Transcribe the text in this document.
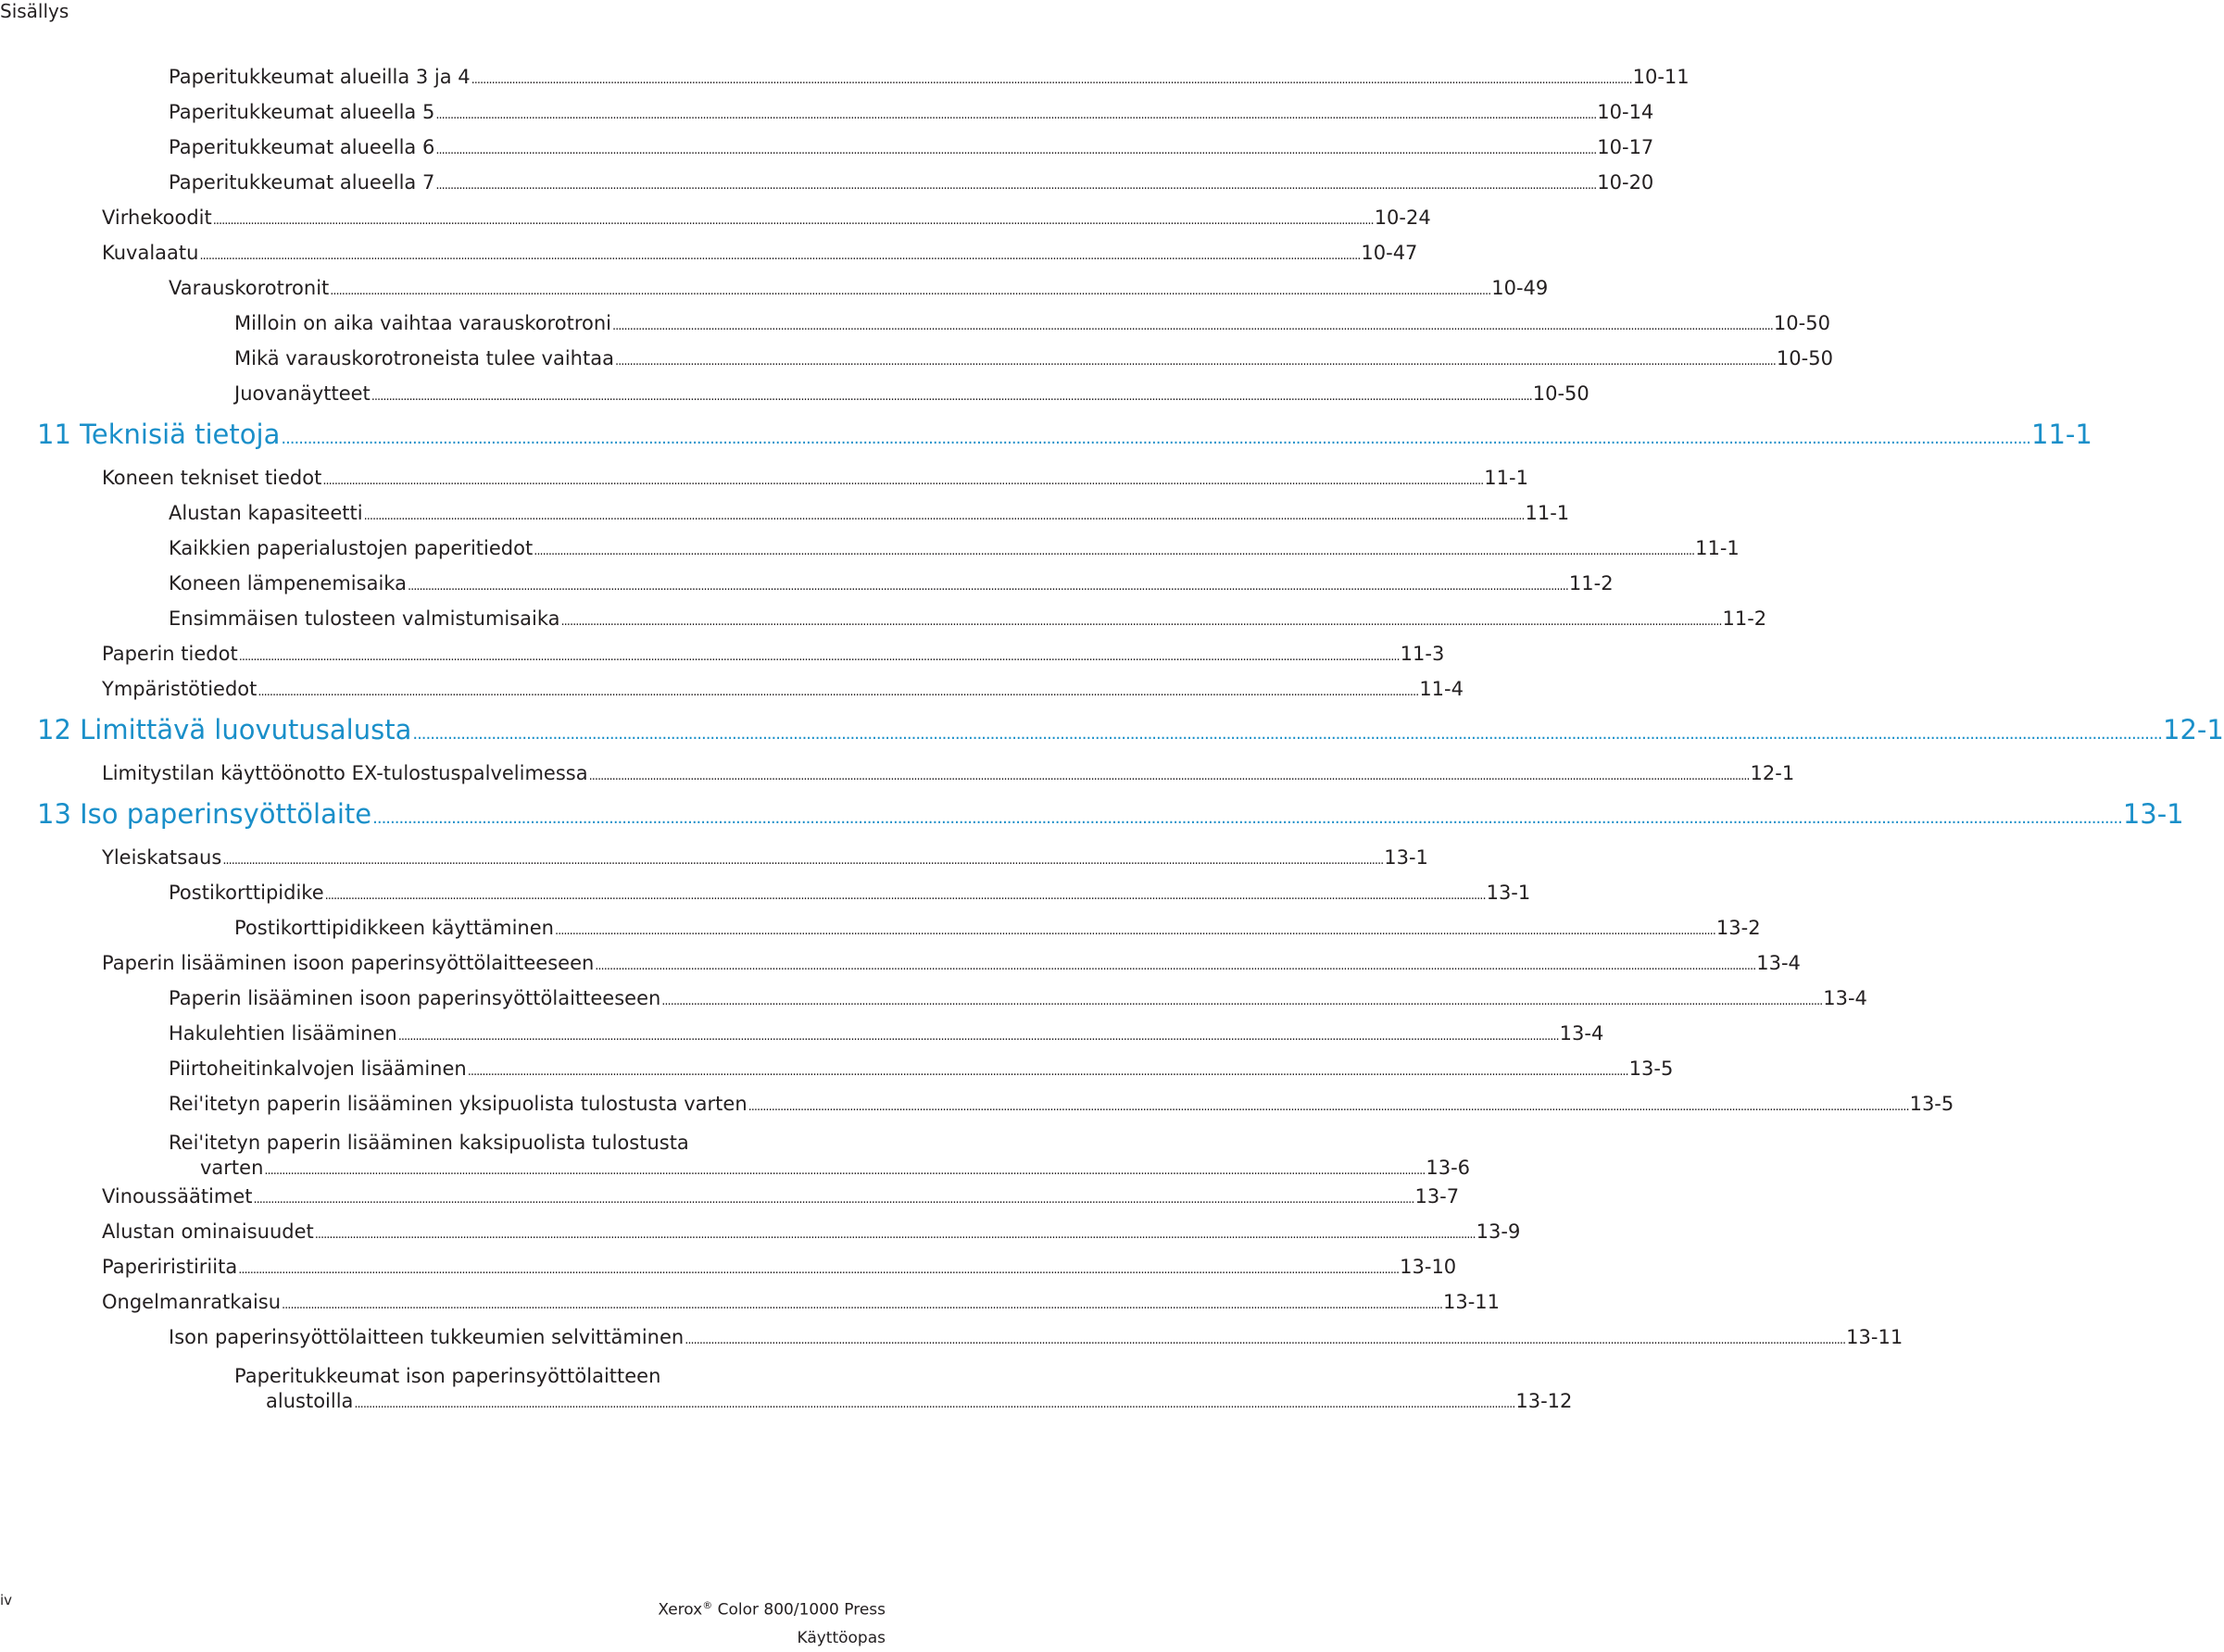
Sisällys
Paperitukkeumat alueilla 3 ja 4 ................................................................................................................................................................................................................................................................................................................................................................................................................ 10-11
Paperitukkeumat alueella 5 ................................................................................................................................................................................................................................................................................................................................................................................................................ 10-14
Paperitukkeumat alueella 6 ................................................................................................................................................................................................................................................................................................................................................................................................................ 10-17
Paperitukkeumat alueella 7 ................................................................................................................................................................................................................................................................................................................................................................................................................ 10-20
Virhekoodit ................................................................................................................................................................................................................................................................................................................................................................................................................ 10-24
Kuvalaatu ................................................................................................................................................................................................................................................................................................................................................................................................................ 10-47
Varauskorotronit ................................................................................................................................................................................................................................................................................................................................................................................................................ 10-49
Milloin on aika vaihtaa varauskorotroni ................................................................................................................................................................................................................................................................................................................................................................................................................ 10-50
Mikä varauskorotroneista tulee vaihtaa ................................................................................................................................................................................................................................................................................................................................................................................................................ 10-50
Juovanäytteet ................................................................................................................................................................................................................................................................................................................................................................................................................ 10-50
11 Teknisiä tietoja ................................................................................................................................................................................................................................................................................................................................................................................................................ 11-1
Koneen tekniset tiedot ................................................................................................................................................................................................................................................................................................................................................................................................................ 11-1
Alustan kapasiteetti ................................................................................................................................................................................................................................................................................................................................................................................................................ 11-1
Kaikkien paperialustojen paperitiedot ................................................................................................................................................................................................................................................................................................................................................................................................................ 11-1
Koneen lämpenemisaika ................................................................................................................................................................................................................................................................................................................................................................................................................ 11-2
Ensimmäisen tulosteen valmistumisaika ................................................................................................................................................................................................................................................................................................................................................................................................................ 11-2
Paperin tiedot ................................................................................................................................................................................................................................................................................................................................................................................................................ 11-3
Ympäristötiedot ................................................................................................................................................................................................................................................................................................................................................................................................................ 11-4
12 Limittävä luovutusalusta ................................................................................................................................................................................................................................................................................................................................................................................................................ 12-1
Limitystilan käyttöönotto EX-tulostuspalvelimessa ................................................................................................................................................................................................................................................................................................................................................................................................................ 12-1
13 Iso paperinsyöttölaite ................................................................................................................................................................................................................................................................................................................................................................................................................ 13-1
Yleiskatsaus ................................................................................................................................................................................................................................................................................................................................................................................................................ 13-1
Postikorttipidike ................................................................................................................................................................................................................................................................................................................................................................................................................ 13-1
Postikorttipidikkeen käyttäminen ................................................................................................................................................................................................................................................................................................................................................................................................................ 13-2
Paperin lisääminen isoon paperinsyöttölaitteeseen ................................................................................................................................................................................................................................................................................................................................................................................................................ 13-4
Paperin lisääminen isoon paperinsyöttölaitteeseen ................................................................................................................................................................................................................................................................................................................................................................................................................ 13-4
Hakulehtien lisääminen ................................................................................................................................................................................................................................................................................................................................................................................................................ 13-4
Piirtoheitinkalvojen lisääminen ................................................................................................................................................................................................................................................................................................................................................................................................................ 13-5
Rei'itetyn paperin lisääminen yksipuolista tulostusta varten ................................................................................................................................................................................................................................................................................................................................................................................................................ 13-5
Rei'itetyn paperin lisääminen kaksipuolista tulostusta
varten ................................................................................................................................................................................................................................................................................................................................................................................................................ 13-6
Vinoussäätimet ................................................................................................................................................................................................................................................................................................................................................................................................................ 13-7
Alustan ominaisuudet ................................................................................................................................................................................................................................................................................................................................................................................................................ 13-9
Paperiristiriita ................................................................................................................................................................................................................................................................................................................................................................................................................ 13-10
Ongelmanratkaisu ................................................................................................................................................................................................................................................................................................................................................................................................................ 13-11
Ison paperinsyöttölaitteen tukkeumien selvittäminen ................................................................................................................................................................................................................................................................................................................................................................................................................ 13-11
Paperitukkeumat ison paperinsyöttölaitteen
alustoilla ................................................................................................................................................................................................................................................................................................................................................................................................................ 13-12
iv
Xerox® Color 800/1000 Press
Käyttöopas
